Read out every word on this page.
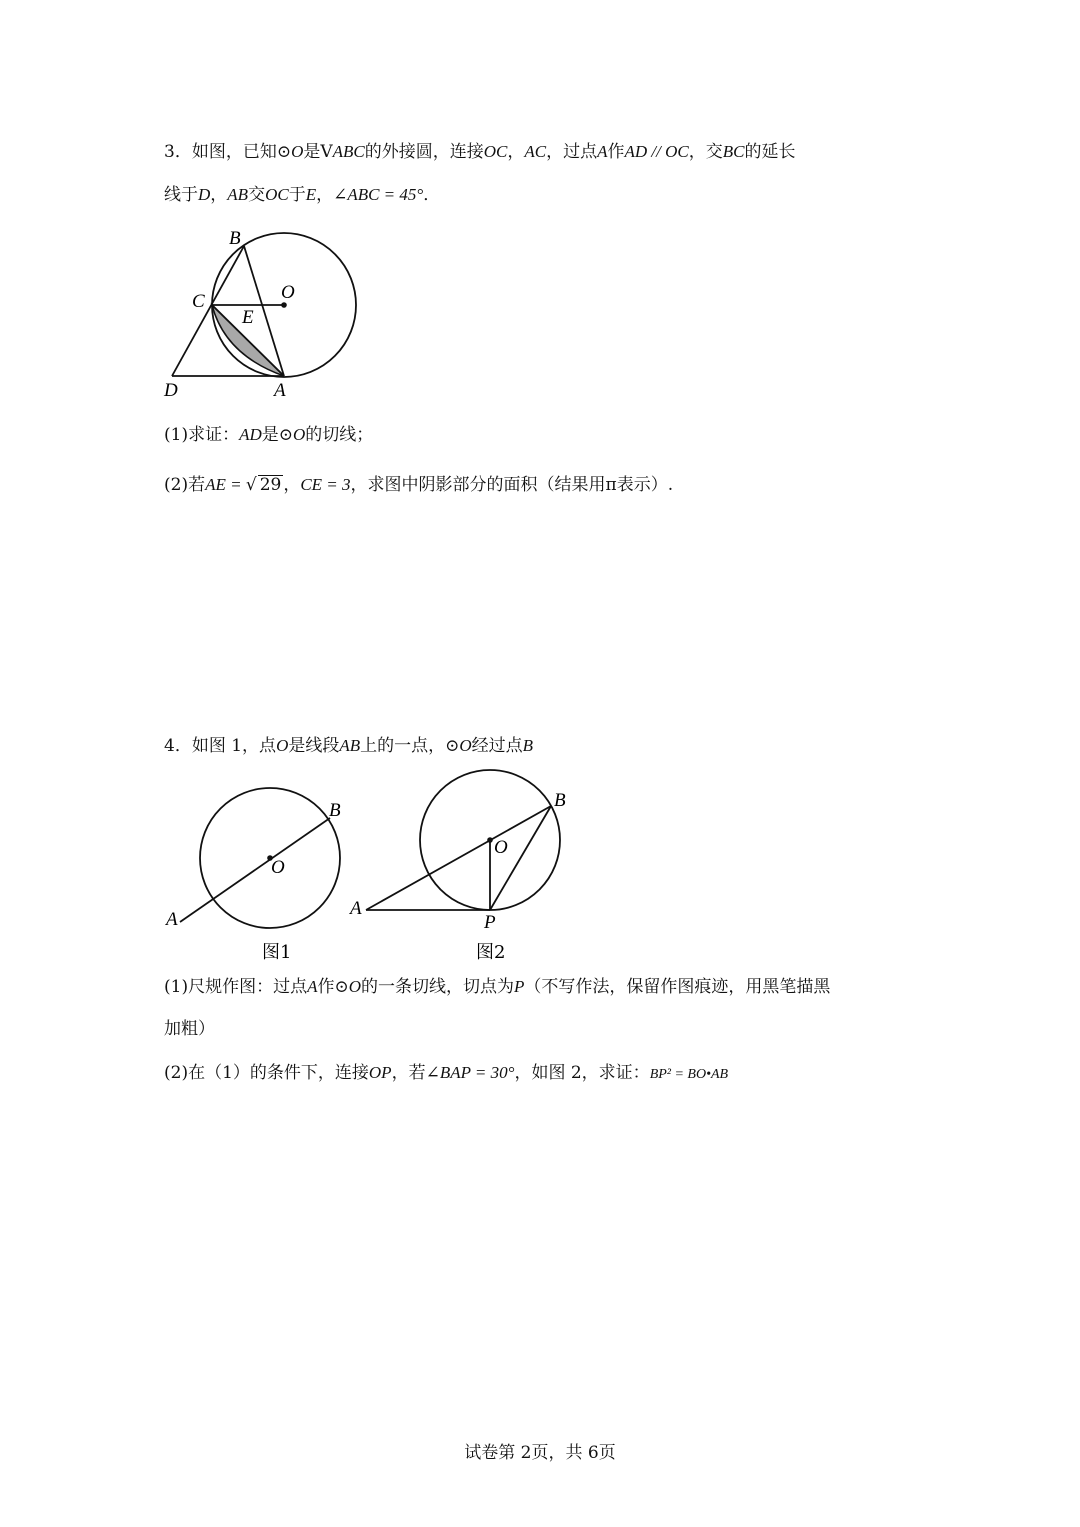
3．如图，已知⊙O是VABC的外接圆，连接OC，AC，过点A作AD // OC，交BC的延长
线于D，AB交OC于E，∠ABC = 45°．
B
O
C
E
D	A
(1)求证：AD是⊙O的切线；
(2)若AE = √ 29 ，CE = 3，求图中阴影部分的面积（结果用π表示）.
4．如图 1，点O是线段AB上的一点，⊙O经过点B
B
O
A
图1
B
O
A
P
图2
(1)尺规作图：过点A作⊙O的一条切线，切点为P（不写作法，保留作图痕迹，用黑笔描黑
加粗）
(2)在（1）的条件下，连接OP，若∠BAP = 30°，如图 2，求证：BP² = BO•AB
试卷第 2页，共 6页
